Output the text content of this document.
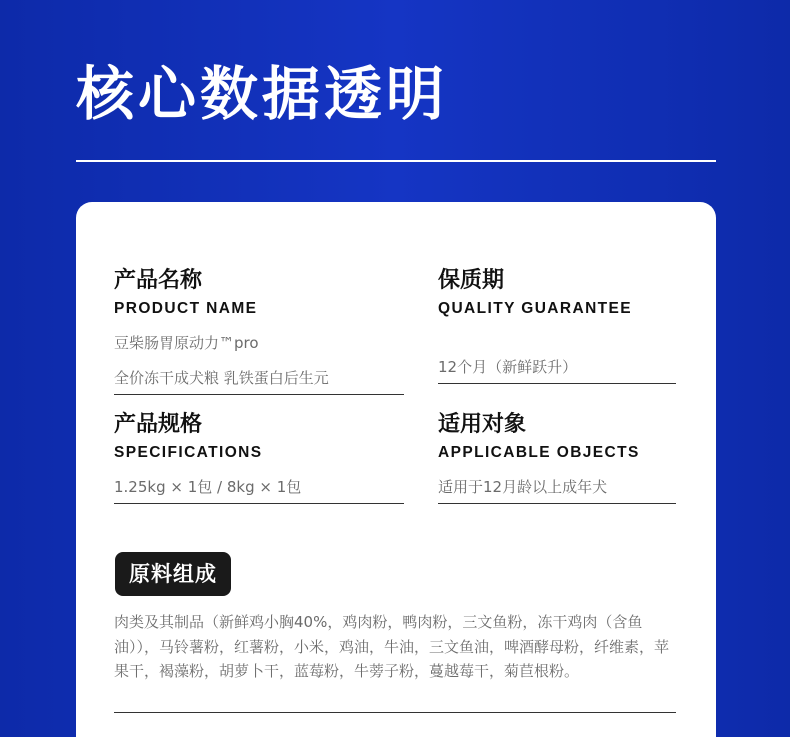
核心数据透明
产品名称
PRODUCT NAME
豆柴肠胃原动力™pro
全价冻干成犬粮 乳铁蛋白后生元
保质期
QUALITY GUARANTEE
12个月（新鲜跃升）
产品规格
SPECIFICATIONS
1.25kg × 1包 / 8kg × 1包
适用对象
APPLICABLE OBJECTS
适用于12月龄以上成年犬
原料组成
肉类及其制品（新鲜鸡小胸40%，鸡肉粉，鸭肉粉，三文鱼粉，冻干鸡肉（含鱼油）），马铃薯粉，红薯粉，小米，鸡油，牛油，三文鱼油，啤酒酵母粉，纤维素，苹果干，褐藻粉，胡萝卜干，蓝莓粉，牛蒡子粉，蔓越莓干，菊苣根粉。
